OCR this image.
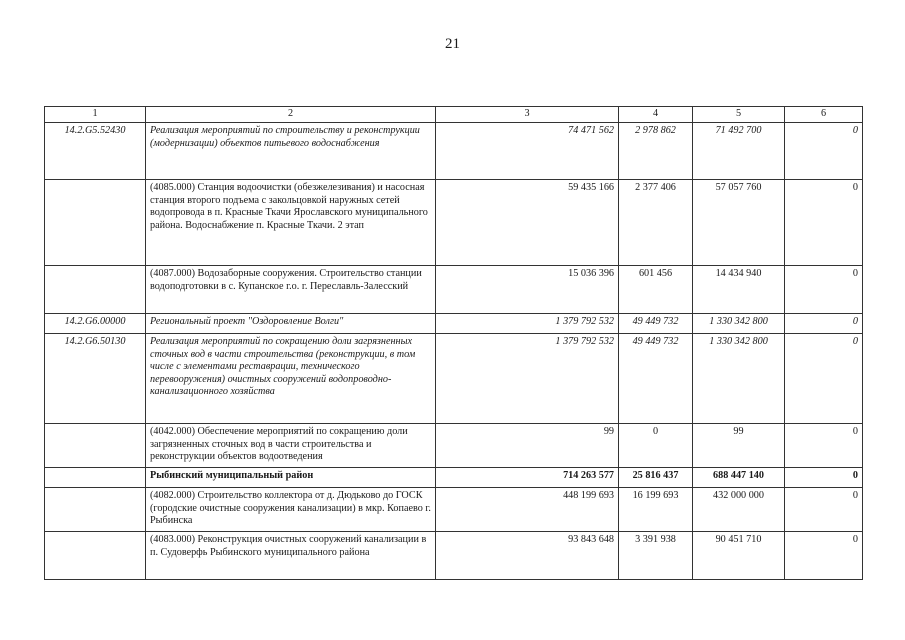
21
1	2	3	4	5	6
14.2.G5.52430	Реализация мероприятий по строительству и реконструкции (модернизации) объектов питьевого водоснабжения	74 471 562	2 978 862	71 492 700	0
	(4085.000) Станция водоочистки (обезжелезивания) и насосная станция второго подъема с закольцовкой наружных сетей водопровода в п. Красные Ткачи Ярославского муниципального района. Водоснабжение п. Красные Ткачи. 2 этап	59 435 166	2 377 406	57 057 760	0
	(4087.000) Водозаборные сооружения. Строительство станции водоподготовки в с. Купанское г.о. г. Переславль-Залесский	15 036 396	601 456	14 434 940	0
14.2.G6.00000	Региональный проект "Оздоровление Волги"	1 379 792 532	49 449 732	1 330 342 800	0
14.2.G6.50130	Реализация мероприятий по сокращению доли загрязненных сточных вод в части строительства (реконструкции, в том числе с элементами реставрации, технического перевооружения) очистных сооружений водопроводно-канализационного хозяйства	1 379 792 532	49 449 732	1 330 342 800	0
	(4042.000) Обеспечение мероприятий по сокращению доли загрязненных сточных вод в части строительства и реконструкции объектов водоотведения	99	0	99	0
	Рыбинский муниципальный район	714 263 577	25 816 437	688 447 140	0
	(4082.000) Строительство коллектора от д. Дюдьково до ГОСК (городские очистные сооружения канализации) в мкр. Копаево г. Рыбинска	448 199 693	16 199 693	432 000 000	0
	(4083.000) Реконструкция очистных сооружений канализации в п. Судоверфь Рыбинского муниципального района	93 843 648	3 391 938	90 451 710	0
